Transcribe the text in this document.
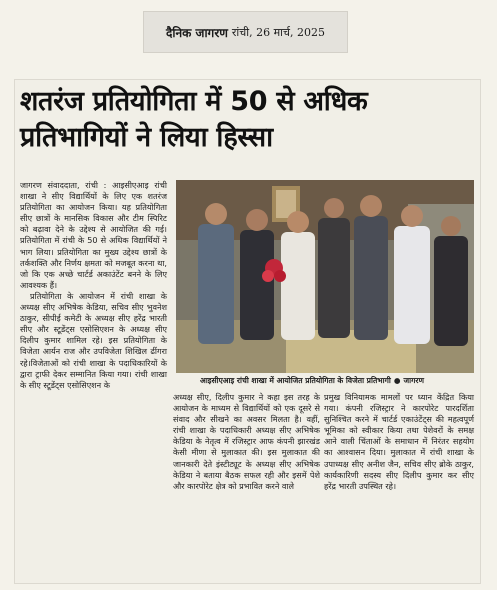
दैनिक जागरण रांची, 26 मार्च, 2025
शतरंज प्रतियोगिता में 50 से अधिक
प्रतिभागियों ने लिया हिस्सा

जागरण संवाददाता, रांची : आइसीएआइ रांची शाखा ने सीए विद्यार्थियों के लिए एक शतरंज प्रतियोगिता का आयोजन किया। यह प्रतियोगिता सीए छात्रों के मानसिक विकास और टीम स्पिरिट को बढ़ावा देने के उद्देश्य से आयोजित की गई। प्रतियोगिता में रांची के 50 से अधिक विद्यार्थियों ने भाग लिया। प्रतियोगिता का मुख्य उद्देश्य छात्रों के तर्कशक्ति और निर्णय क्षमता को मजबूत करना था, जो कि एक अच्छे चार्टर्ड अकाउंटेंट बनने के लिए आवश्यक हैं।

प्रतियोगिता के आयोजन में रांची शाखा के अध्यक्ष सीए अभिषेक केडिया, सचिव सीए भुवनेश ठाकुर, सीपीई कमेटी के अध्यक्ष सीए हरेंद्र भारती सीए और स्टूडेंट्स एसोसिएशन के अध्यक्ष सीए दिलीप कुमार शामिल रहे। इस प्रतियोगिता के विजेता आर्यन राज और उपविजेता शिखिल ढींगरा रहे।विजेताओं को रांची शाखा के पदाधिकारियों के द्वारा ट्राफी देकर सम्मानित किया गया। रांची शाखा के सीए स्टूडेंट्स एसोसिएशन के	आइसीएआइ रांची शाखा में आयोजित प्रतियोगिता के विजेता प्रतिभागी ● जागरण

अध्यक्ष सीए, दिलीप कुमार ने कहा इस तरह के आयोजन के माध्यम से विद्यार्थियों को एक दूसरे से संवाद और सीखने का अवसर मिलता है। वहीं, रांची शाखा के पदाधिकारी अध्यक्ष सीए अभिषेक केडिया के नेतृत्व में रजिस्ट्रार आफ कंपनी झारखंड केसी मीणा से मुलाकात की। इस मुलाकात की जानकारी देते इंस्टीट्यूट के अध्यक्ष सीए अभिषेक केडिया ने बताया बैठक सफल रही और इसमें पेशे और कारपोरेट क्षेत्र को प्रभावित करने वाले

प्रमुख विनियामक मामलों पर ध्यान केंद्रित किया गया। कंपनी रजिस्ट्रार ने कारपोरेट पारदर्शिता सुनिश्चित करने में चार्टर्ड एकाउंटेंट्स की महत्वपूर्ण भूमिका को स्वीकार किया तथा पेशेवरों के समक्ष आने वाली चिंताओं के समाधान में निरंतर सहयोग का आश्वासन दिया। मुलाकात में रांची शाखा के उपाध्यक्ष सीए अनीश जैन, सचिव सीए ब्रोके ठाकुर, कार्यकारिणी सदस्य सीए दिलीप कुमार कर सीए हरेंद्र भारती उपस्थित रहे।
